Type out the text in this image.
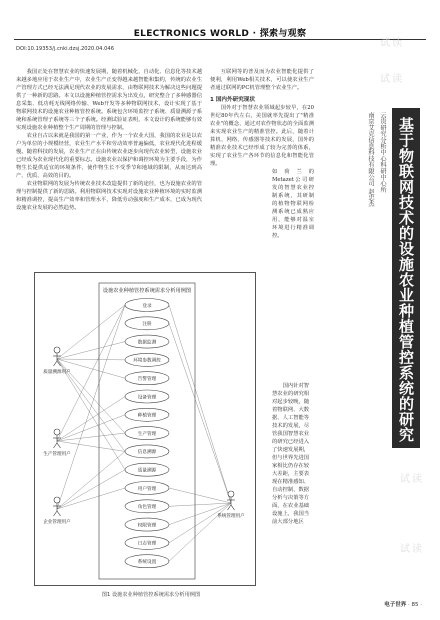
ELECTRONICS WORLD · 探索与观察
DOI:10.19353/j.cnki.dzsj.2020.04.046

我国正处在智慧农业的快速发展期，随着机械化、自动化、信息化等技术越来越多地应用于农业生产中，农业生产正变得越来越智能和集约，传统的农业生产管理方式已经无法满足现代农业的发展需求，由物联网技术为解决这些问题提供了一种新的思路。本文以设施种植管控需求为出发点，研究整合了多种感器信息采集、低功耗无线网络传输、Web开发等多种物联网技术，设计实现了基于物联网技术的设施农业种植管控系统。系统包含环境监控子系统、质量溯源子系统和系统管理子系统等三个子系统。经测试验证表明，本文设计的系统能够有效实现设施农业种植整个生产周期的管理与控制。

农业自古以来就是我国的第一产业，作为一个农业大国，我国的农业是以农户为单位的小规模经营，农业生产水平和劳动效率普遍偏低，农业现代化进程缓慢。随着科技的发展，农业生产正在由传统农业逐步向现代农业转型，设施农业已经成为农业现代化的重要标志。设施农业以保护和调控环境为主要手段，为作物生长提供适宜的环境条件，使作物生长不受季节和地域的限制，从而达到高产、优质、高效的目的。

农业物联网的发展为传统农业技术改造提供了新的途径，也为设施农业的管理与控制提供了新的思路。利用物联网技术实现对设施农业种植环境的实时监测和精准调控，提高生产效率和管理水平，降低劳动强度和生产成本，已成为现代设施农业发展的必然趋势。

互联网等的普及而为农业智能化提供了便利，利用Web相关技术，可以使农业生产者通过联网的PC机管理整个农业生产。

1 国内外研究现状

国外对于智慧农业领域起步较早，在20世纪80年代左右，美国就率先提出了"精准农业"的概念，通过对农作物状态的全面监测来实现农业生产的精准管控。此后，随着计算机、网络、传感器等技术的发展，国外的精准农业技术已经形成了较为完善的体系，实现了农业生产各环节的信息化和智能化管理。

如荷兰的Metazet公司研发的智慧农业控制系统，其研制的植物物联网检测系统已成熟应用，能够对温室环境进行精准调控。

国内针对智慧农业的研究相对起步较晚，随着物联网、大数据、人工智能等技术的发展，尽管我国智慧农业的研究已经进入了快速发展期，但与世界先进国家相比仍存在较大差距，主要表现在精准感知、自动控制、数据分析与决策等方面，在农业基础设施上，我国当前大部分地区

设施农业种植管控系统需求分析用例图
登录
注册
数据监测
环境参数调控
告警管理
设备管理
种植管理
生产管理
信息溯源
质量溯源
用户管理
角色管理
权限管理
日志管理
系统设置
质量溯源用户
生产管理用户
企业管理用户
系统管理用户
图1 设施农业种植管控系统需求分析用例图
基于物联网技术的设施农业种植管控系统的研究与构建
云贵研究分析中心科研中心所
南京艾克信息科技有限公司 赵忠杰
试读
试读
试读
试读
电子世界 · 85 ·
